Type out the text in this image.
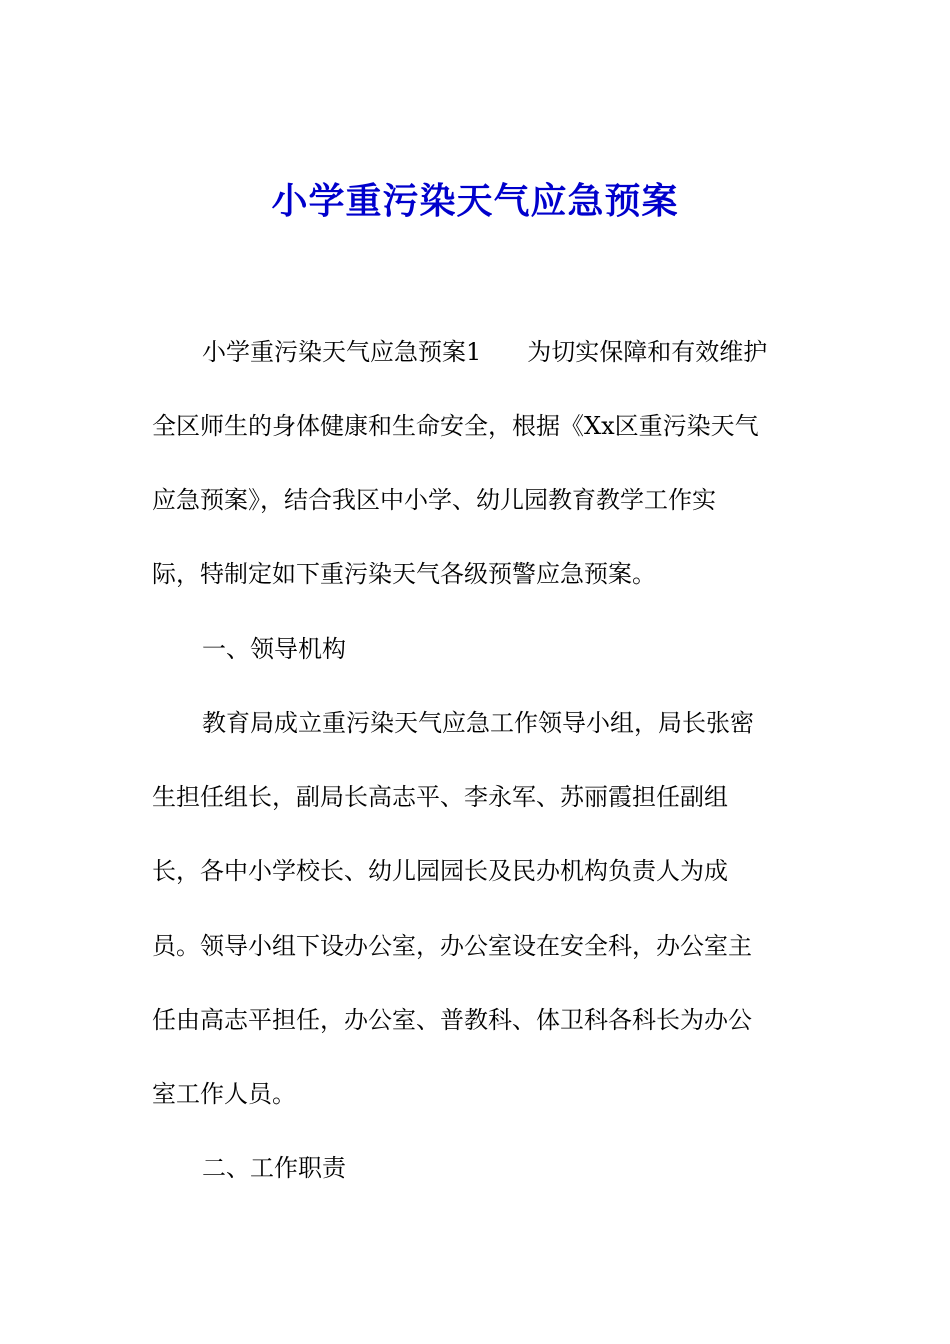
小学重污染天气应急预案
小学重污染天气应急预案1 为切实保障和有效维护
全区师生的身体健康和生命安全，根据《Xx区重污染天气
应急预案》，结合我区中小学、幼儿园教育教学工作实
际，特制定如下重污染天气各级预警应急预案。
一、领导机构
教育局成立重污染天气应急工作领导小组，局长张密
生担任组长，副局长高志平、李永军、苏丽霞担任副组
长，各中小学校长、幼儿园园长及民办机构负责人为成
员。领导小组下设办公室，办公室设在安全科，办公室主
任由高志平担任，办公室、普教科、体卫科各科长为办公
室工作人员。
二、工作职责
